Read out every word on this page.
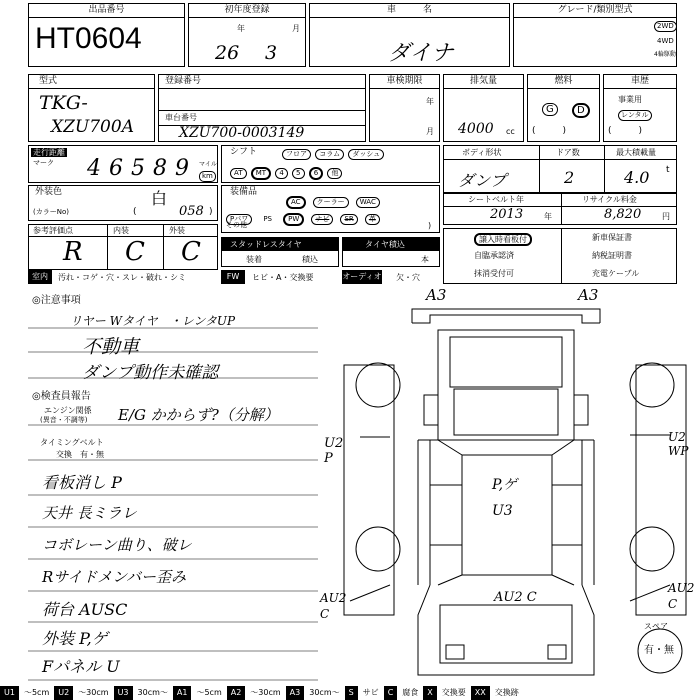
出品番号
HT0604
初年度登録
年	月
26 3
車   	名
ダイナ
グレード/類別型式
2WD
4WD
4輪駆動
型式
TKG-
XZU700A
登録番号
車台番号
XZU700-0003149
車検期限
年
月
排気量
4000 cc
燃料
G	D
(   )
車歴
事業用
レンタル
(   )
走行距離
マーク 4 6 5 8 9 マイル
km
シフト	フロア コラム ダッシュ
AT MT 4 5 6 他
ボディ形状	ドア数	最大積載量
ダンプ	2	4.0 t
外装色	白
(カラーNo)	058
(	)
装備品
AC クーラー WAC
Pパワ PS PW ナビ SR 革
その他	)
シートベルト年	リサイクル料金
2013	年	8,820	円
参考評価点	内装	外装
R C C	スタッドレスタイヤ
装着	積込
タイヤ積込
本
譲入時看板付
自臨承認済
抹消受付可
新車保証書
納税証明書
充電ケーブル
室内	汚れ・コゲ・穴・スレ・破れ・シミ	FW	ヒビ・A・交換要	オーディオ 欠・穴
◎注意事項
リヤー Wタイヤ　・レンタUP
不動車
ダンプ動作未確認
◎検査員報告
エンジン関係
(異音・不調等) E/G かからず?（分解）
タイミングベルト
交換　有・無
看板消し P
天井 長ミラレ
コボレーン曲り、破レ
Rサイドメンバー歪み
荷台 AUSC
外装 P,ゲ
Fパネル U
A3	A3
U2
P
U2
WP
P,ゲ
U3
AU2
C
AU2 C
AU2
C
スペア
有・無
U1 〜5cm U2 〜30cm U3 30cm〜 A1 〜5cm A2 〜30cm A3 30cm〜 S サビ C 腐食 X 交換要 XX 交換跡
